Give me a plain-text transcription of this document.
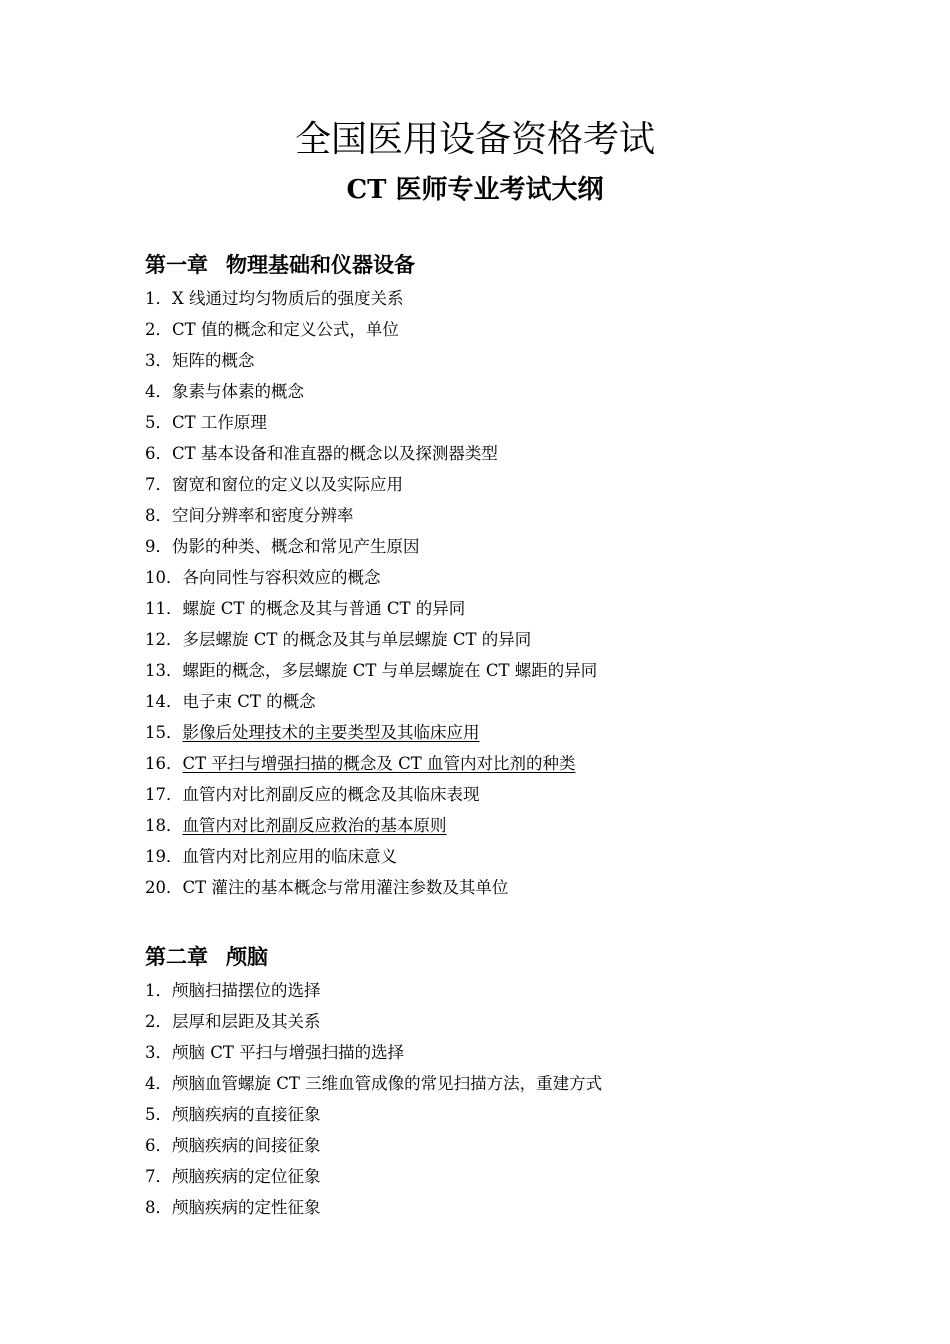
全国医用设备资格考试
CT 医师专业考试大纲
第一章 物理基础和仪器设备
1．X 线通过均匀物质后的强度关系
2．CT 值的概念和定义公式，单位
3．矩阵的概念
4．象素与体素的概念
5．CT 工作原理
6．CT 基本设备和准直器的概念以及探测器类型
7．窗宽和窗位的定义以及实际应用
8．空间分辨率和密度分辨率
9．伪影的种类、概念和常见产生原因
10．各向同性与容积效应的概念
11．螺旋 CT 的概念及其与普通 CT 的异同
12．多层螺旋 CT 的概念及其与单层螺旋 CT 的异同
13．螺距的概念，多层螺旋 CT 与单层螺旋在 CT 螺距的异同
14．电子束 CT 的概念
15．影像后处理技术的主要类型及其临床应用
16．CT 平扫与增强扫描的概念及 CT 血管内对比剂的种类
17．血管内对比剂副反应的概念及其临床表现
18．血管内对比剂副反应救治的基本原则
19．血管内对比剂应用的临床意义
20．CT 灌注的基本概念与常用灌注参数及其单位
第二章 颅脑
1．颅脑扫描摆位的选择
2．层厚和层距及其关系
3．颅脑 CT 平扫与增强扫描的选择
4．颅脑血管螺旋 CT 三维血管成像的常见扫描方法，重建方式
5．颅脑疾病的直接征象
6．颅脑疾病的间接征象
7．颅脑疾病的定位征象
8．颅脑疾病的定性征象
